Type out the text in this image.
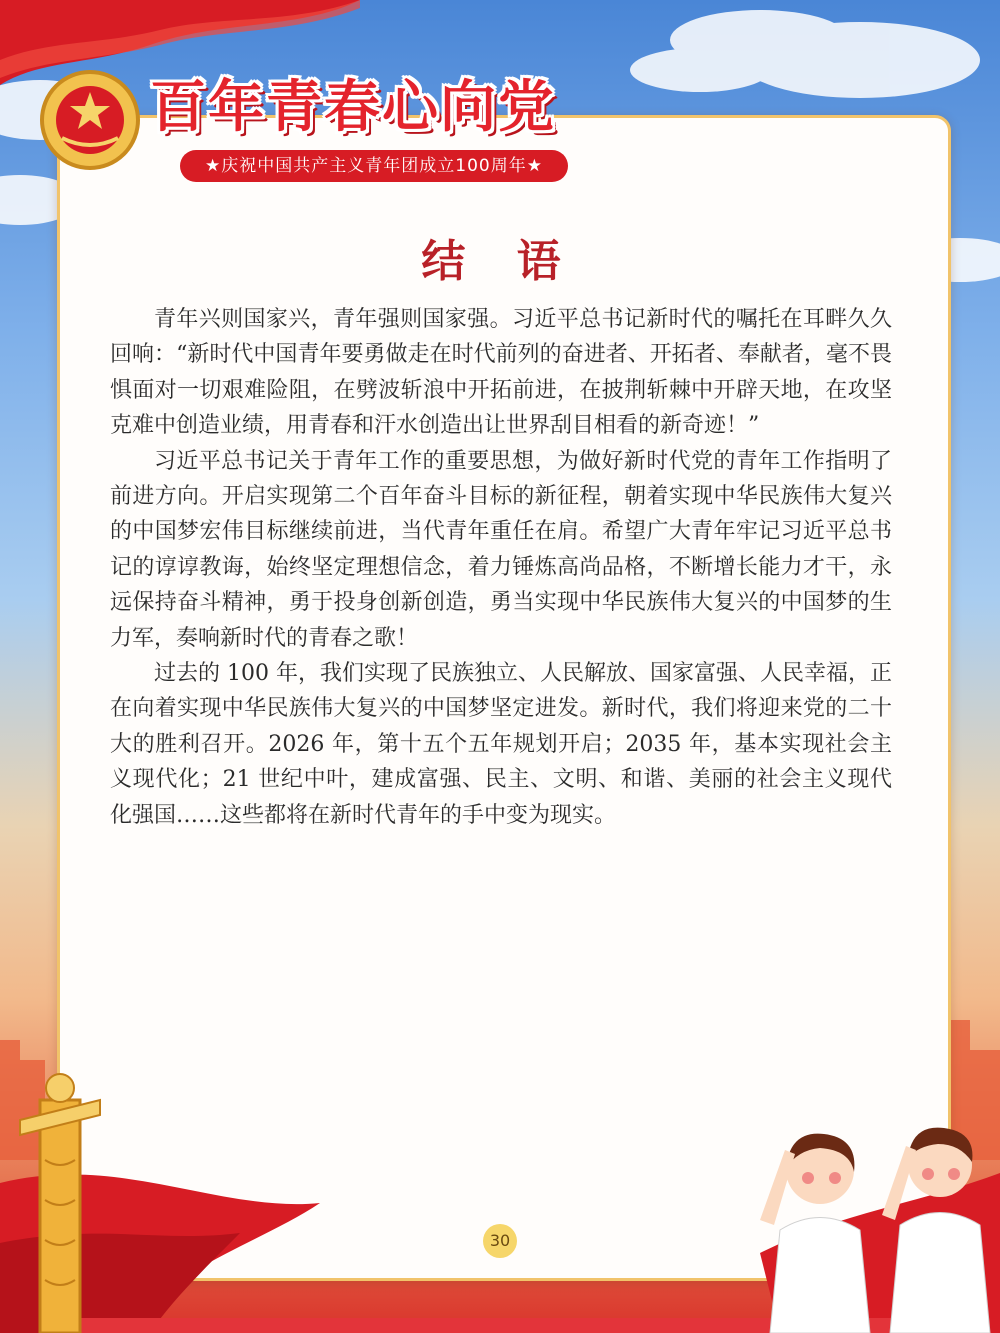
百年青春心向党
★庆祝中国共产主义青年团成立100周年★
结 语

青年兴则国家兴，青年强则国家强。习近平总书记新时代的嘱托在耳畔久久回响：“新时代中国青年要勇做走在时代前列的奋进者、开拓者、奉献者，毫不畏惧面对一切艰难险阻，在劈波斩浪中开拓前进，在披荆斩棘中开辟天地，在攻坚克难中创造业绩，用青春和汗水创造出让世界刮目相看的新奇迹！”

习近平总书记关于青年工作的重要思想，为做好新时代党的青年工作指明了前进方向。开启实现第二个百年奋斗目标的新征程，朝着实现中华民族伟大复兴的中国梦宏伟目标继续前进，当代青年重任在肩。希望广大青年牢记习近平总书记的谆谆教诲，始终坚定理想信念，着力锤炼高尚品格，不断增长能力才干，永远保持奋斗精神，勇于投身创新创造，勇当实现中华民族伟大复兴的中国梦的生力军，奏响新时代的青春之歌！

过去的 100 年，我们实现了民族独立、人民解放、国家富强、人民幸福，正在向着实现中华民族伟大复兴的中国梦坚定进发。新时代，我们将迎来党的二十大的胜利召开。2026 年，第十五个五年规划开启；2035 年，基本实现社会主义现代化；21 世纪中叶，建成富强、民主、文明、和谐、美丽的社会主义现代化强国……这些都将在新时代青年的手中变为现实。

30
